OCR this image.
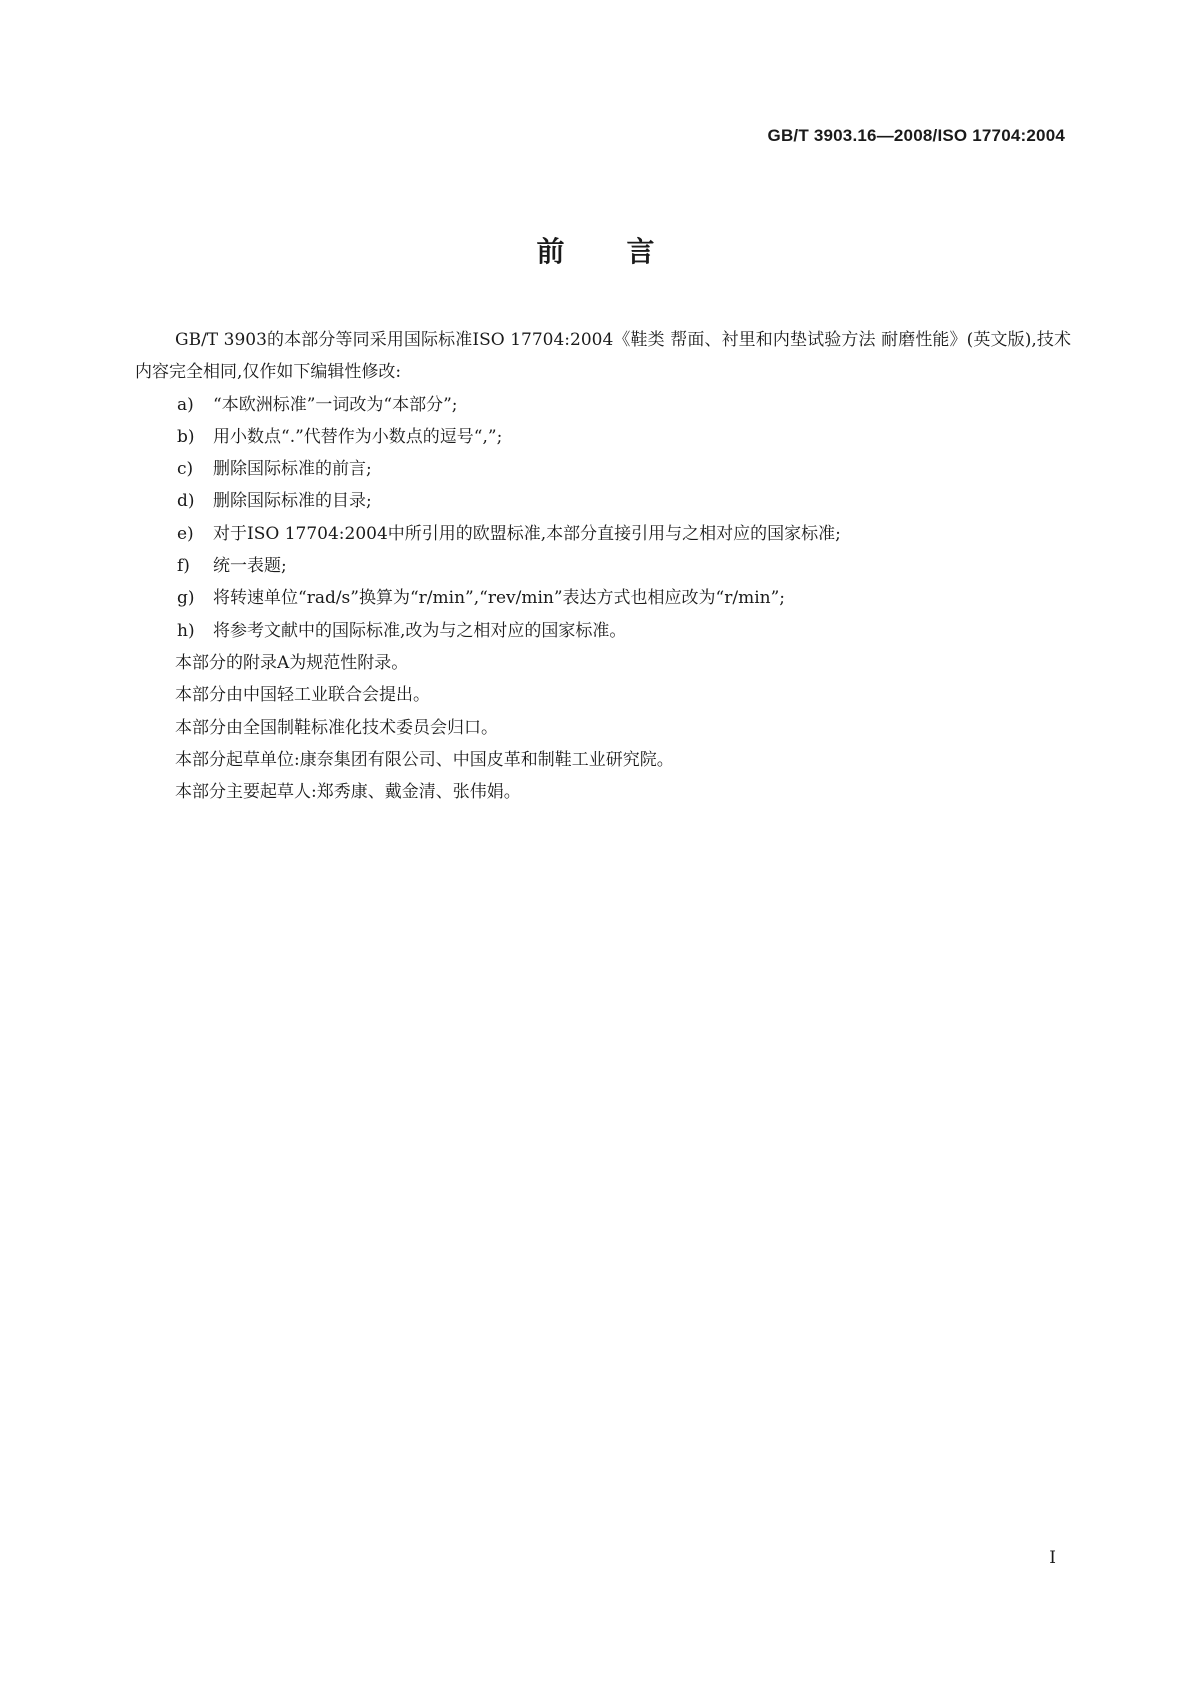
GB/T 3903.16—2008/ISO 17704:2004
前言

GB/T 3903的本部分等同采用国际标准ISO 17704:2004《鞋类 帮面、衬里和内垫试验方法 耐磨性能》(英文版),技术内容完全相同,仅作如下编辑性修改:

a) “本欧洲标准”一词改为“本部分”;

b) 用小数点“.”代替作为小数点的逗号“,”;

c) 删除国际标准的前言;

d) 删除国际标准的目录;

e) 对于ISO 17704:2004中所引用的欧盟标准,本部分直接引用与之相对应的国家标准;

f) 统一表题;

g) 将转速单位“rad/s”换算为“r/min”,“rev/min”表达方式也相应改为“r/min”;

h) 将参考文献中的国际标准,改为与之相对应的国家标准。

本部分的附录A为规范性附录。

本部分由中国轻工业联合会提出。

本部分由全国制鞋标准化技术委员会归口。

本部分起草单位:康奈集团有限公司、中国皮革和制鞋工业研究院。

本部分主要起草人:郑秀康、戴金清、张伟娟。

I
